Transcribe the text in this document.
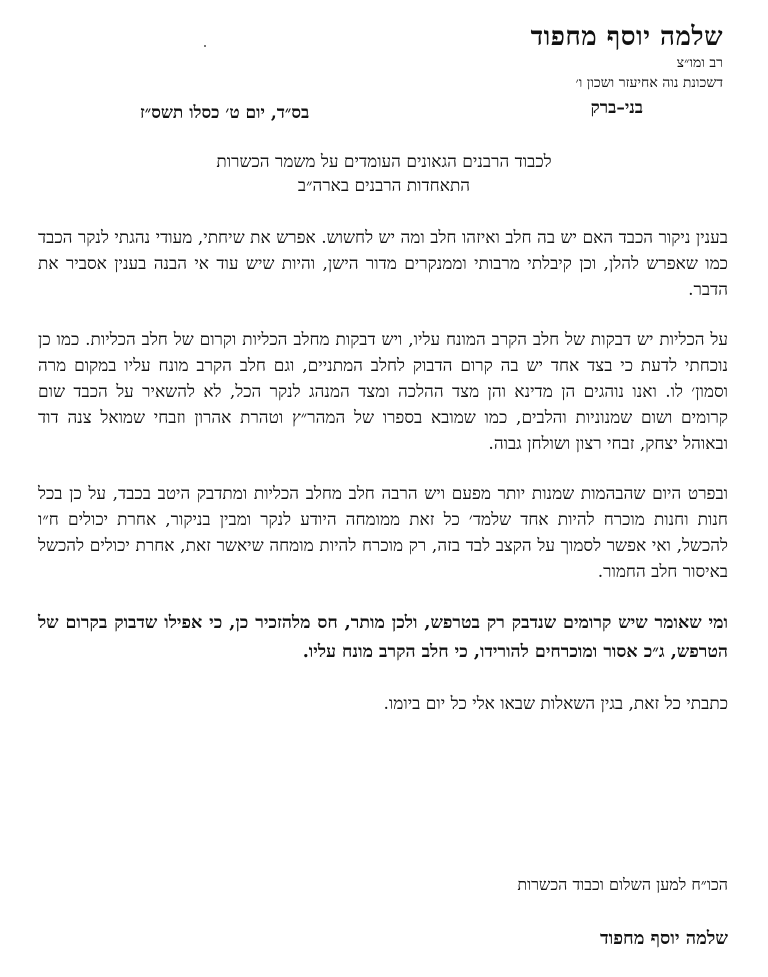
שלמה יוסף מחפוד
רב ומו״צ
דשכונת נוה אחיעזר ושכון ו׳
בני–ברק
בס״ד, יום ט׳ כסלו תשס״ז
לכבוד הרבנים הגאונים העומדים על משמר הכשרות
התאחדות הרבנים בארה״ב

בענין ניקור הכבד האם יש בה חלב ואיזהו חלב ומה יש לחשוש. אפרש את שיחתי, מעודי נהגתי לנקר הכבד כמו שאפרש להלן, וכן קיבלתי מרבותי וממנקרים מדור הישן, והיות שיש עוד אי הבנה בענין אסביר את הדבר.

על הכליות יש דבקות של חלב הקרב המונח עליו, ויש דבקות מחלב הכליות וקרום של חלב הכליות. כמו כן נוכחתי לדעת כי בצד אחד יש בה קרום הדבוק לחלב המתניים, וגם חלב הקרב מונח עליו במקום מרה וסמון׳ לו. ואנו נוהגים הן מדינא והן מצד ההלכה ומצד המנהג לנקר הכל, לא להשאיר על הכבד שום קרומים ושום שמנוניות והלבים, כמו שמובא בספרו של המהר״ץ וטהרת אהרון וזבחי שמואל צנה דוד ובאוהל יצחק, זבחי רצון ושולחן גבוה.

ובפרט היום שהבהמות שמנות יותר מפעם ויש הרבה חלב מחלב הכליות ומתדבק היטב בכבד, על כן בכל חנות וחנות מוכרח להיות אחד שלמד׳ כל זאת ממומחה היודע לנקר ומבין בניקור, אחרת יכולים ח״ו להכשל, ואי אפשר לסמוך על הקצב לבד בזה, רק מוכרח להיות מומחה שיאשר זאת, אחרת יכולים להכשל באיסור חלב החמור.

ומי שאומר שיש קרומים שנדבק רק בטרפש, ולכן מותר, חס מלהזכיר כן, כי אפילו שדבוק בקרום של הטרפש, ג״כ אסור ומוכרחים להורידו, כי חלב הקרב מונח עליו.

כתבתי כל זאת, בגין השאלות שבאו אלי כל יום ביומו.

הכו״ח למען השלום וכבוד הכשרות
שלמה יוסף מחפוד
